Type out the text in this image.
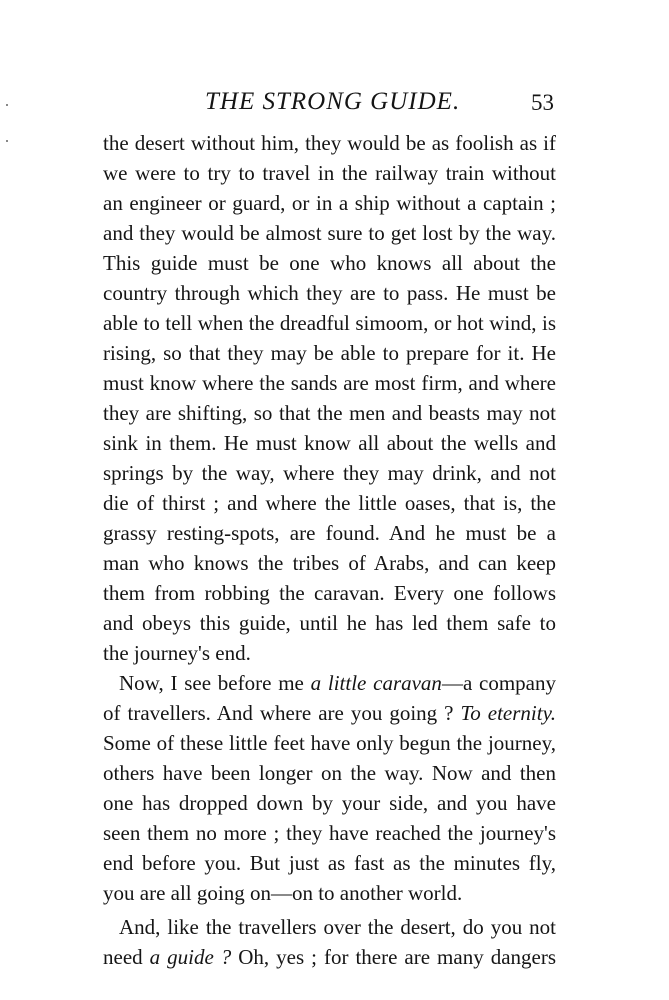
THE STRONG GUIDE.	53
the desert without him, they would be as foolish as if
we were to try to travel in the railway train without
an engineer or guard, or in a ship without a captain ;
and they would be almost sure to get lost by the way.
This guide must be one who knows all about the
country through which they are to pass. He must be
able to tell when the dreadful simoom, or hot wind, is
rising, so that they may be able to prepare for it. He
must know where the sands are most firm, and where
they are shifting, so that the men and beasts may not
sink in them. He must know all about the wells and
springs by the way, where they may drink, and not
die of thirst ; and where the little oases, that is, the
grassy resting-spots, are found. And he must be a
man who knows the tribes of Arabs, and can keep
them from robbing the caravan. Every one follows
and obeys this guide, until he has led them safe to
the journey's end.
Now, I see before me a little caravan—a company
of travellers. And where are you going ? To eternity.
Some of these little feet have only begun the journey,
others have been longer on the way. Now and then
one has dropped down by your side, and you have
seen them no more ; they have reached the journey's
end before you. But just as fast as the minutes fly,
you are all going on—on to another world.
And, like the travellers over the desert, do you not
need a guide ? Oh, yes ; for there are many dangers
